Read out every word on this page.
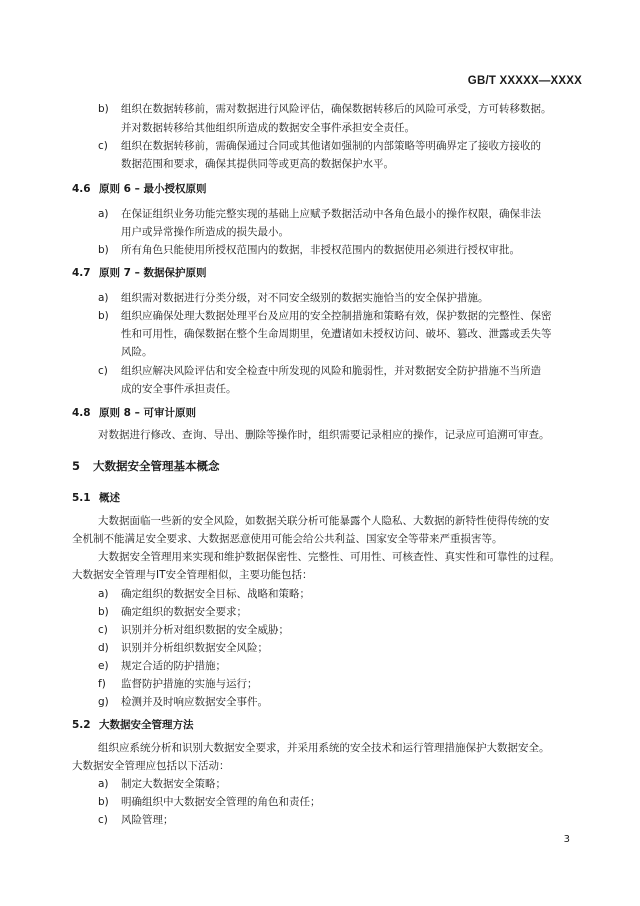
GB/T XXXXX—XXXX
b) 组织在数据转移前，需对数据进行风险评估，确保数据转移后的风险可承受，方可转移数据。
并对数据转移给其他组织所造成的数据安全事件承担安全责任。
c) 组织在数据转移前，需确保通过合同或其他诸如强制的内部策略等明确界定了接收方接收的
数据范围和要求，确保其提供同等或更高的数据保护水平。
4.6 原则 6 – 最小授权原则
a) 在保证组织业务功能完整实现的基础上应赋予数据活动中各角色最小的操作权限，确保非法
用户或异常操作所造成的损失最小。
b) 所有角色只能使用所授权范围内的数据，非授权范围内的数据使用必须进行授权审批。
4.7 原则 7 – 数据保护原则
a) 组织需对数据进行分类分级，对不同安全级别的数据实施恰当的安全保护措施。
b) 组织应确保处理大数据处理平台及应用的安全控制措施和策略有效，保护数据的完整性、保密
性和可用性，确保数据在整个生命周期里，免遭诸如未授权访问、破坏、篡改、泄露或丢失等
风险。
c) 组织应解决风险评估和安全检查中所发现的风险和脆弱性，并对数据安全防护措施不当所造
成的安全事件承担责任。
4.8 原则 8 – 可审计原则
对数据进行修改、查询、导出、删除等操作时，组织需要记录相应的操作，记录应可追溯可审查。
5 大数据安全管理基本概念
5.1 概述
大数据面临一些新的安全风险，如数据关联分析可能暴露个人隐私、大数据的新特性使得传统的安
全机制不能满足安全要求、大数据恶意使用可能会给公共利益、国家安全等带来严重损害等。
大数据安全管理用来实现和维护数据保密性、完整性、可用性、可核查性、真实性和可靠性的过程。
大数据安全管理与IT安全管理相似，主要功能包括：
a) 确定组织的数据安全目标、战略和策略；
b) 确定组织的数据安全要求；
c) 识别并分析对组织数据的安全威胁；
d) 识别并分析组织数据安全风险；
e) 规定合适的防护措施；
f) 监督防护措施的实施与运行；
g) 检测并及时响应数据安全事件。
5.2 大数据安全管理方法
组织应系统分析和识别大数据安全要求，并采用系统的安全技术和运行管理措施保护大数据安全。
大数据安全管理应包括以下活动：
a) 制定大数据安全策略；
b) 明确组织中大数据安全管理的角色和责任；
c) 风险管理；
3
